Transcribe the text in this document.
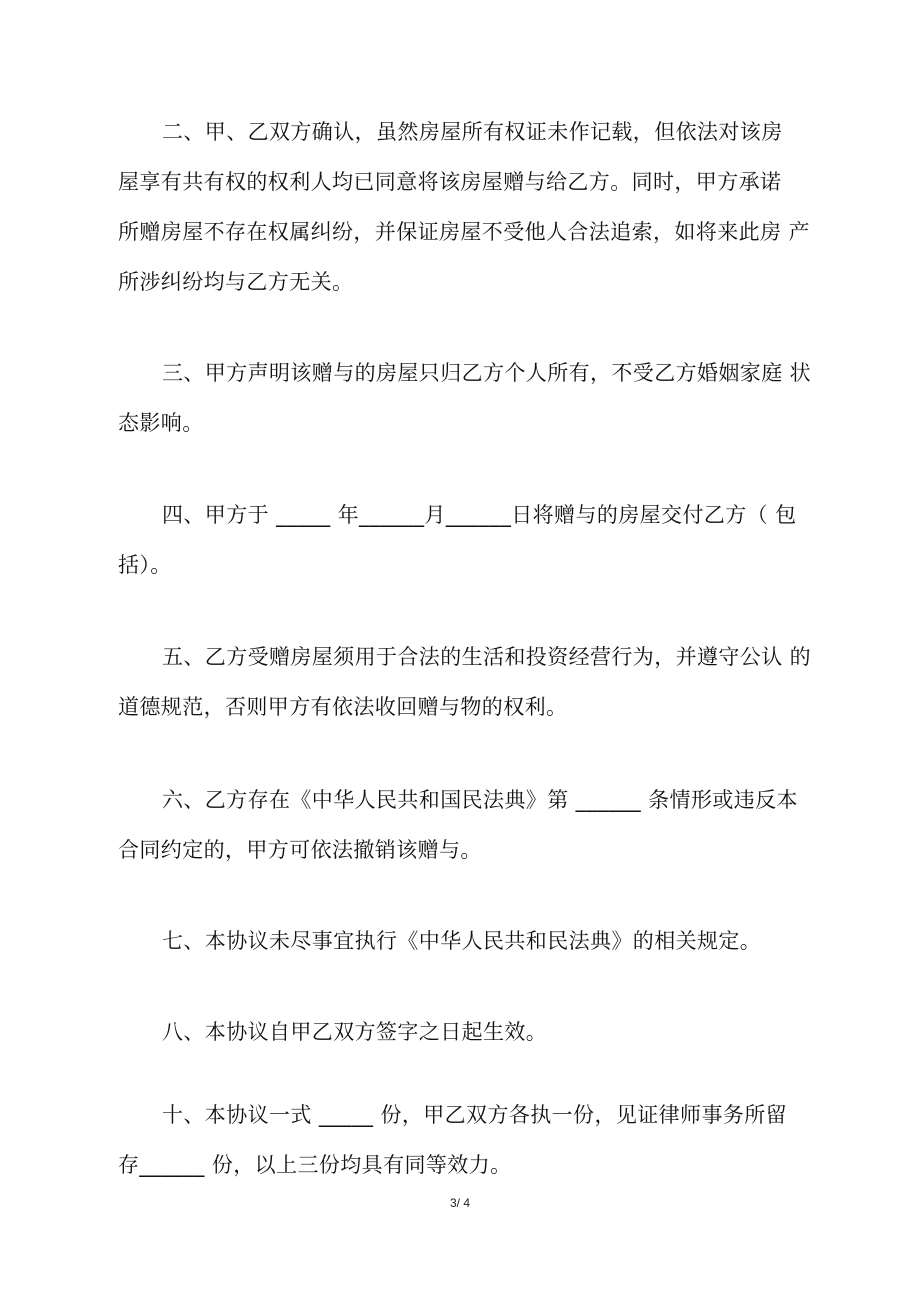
二、甲、乙双方确认，虽然房屋所有权证未作记载，但依法对该房
屋享有共有权的权利人均已同意将该房屋赠与给乙方。同时，甲方承诺
所赠房屋不存在权属纠纷，并保证房屋不受他人合法追索，如将来此房 产
所涉纠纷均与乙方无关。
三、甲方声明该赠与的房屋只归乙方个人所有，不受乙方婚姻家庭 状
态影响。
四、甲方于 _____ 年______月______日将赠与的房屋交付乙方（ 包
括）。
五、乙方受赠房屋须用于合法的生活和投资经营行为，并遵守公认 的
道德规范，否则甲方有依法收回赠与物的权利。
六、乙方存在《中华人民共和国民法典》第 ______ 条情形或违反本
合同约定的，甲方可依法撤销该赠与。
七、本协议未尽事宜执行《中华人民共和民法典》的相关规定。
八、本协议自甲乙双方签字之日起生效。
十、本协议一式 _____ 份，甲乙双方各执一份，见证律师事务所留
存______ 份，以上三份均具有同等效力。
3/ 4
